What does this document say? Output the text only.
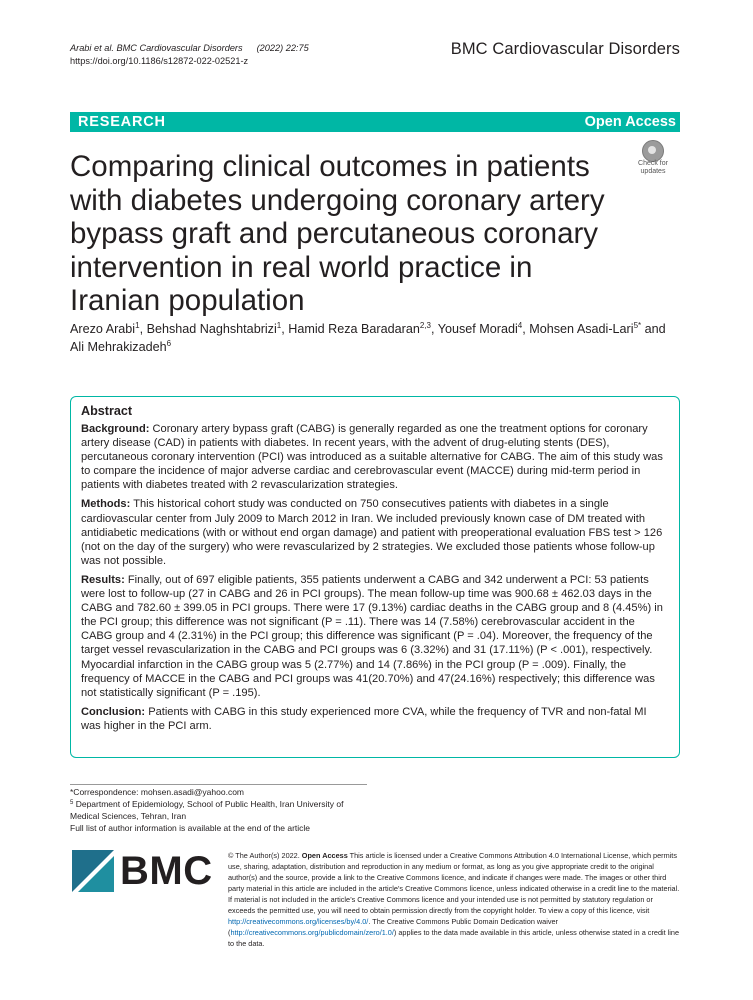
Arabi et al. BMC Cardiovascular Disorders (2022) 22:75
https://doi.org/10.1186/s12872-022-02521-z
BMC Cardiovascular Disorders
RESEARCH	Open Access
Check for
updates
Comparing clinical outcomes in patients with diabetes undergoing coronary artery bypass graft and percutaneous coronary intervention in real world practice in Iranian population
Arezo Arabi$^1$, Behshad Naghshtabrizi$^1$, Hamid Reza Baradaran$^{2,3}$, Yousef Moradi$^4$, Mohsen Asadi-Lari$^{5*}$ and
Ali Mehrakizadeh$^6$
Abstract

Background: Coronary artery bypass graft (CABG) is generally regarded as one the treatment options for coronary artery disease (CAD) in patients with diabetes. In recent years, with the advent of drug-eluting stents (DES), percutaneous coronary intervention (PCI) was introduced as a suitable alternative for CABG. The aim of this study was to compare the incidence of major adverse cardiac and cerebrovascular event (MACCE) during mid-term period in patients with diabetes treated with 2 revascularization strategies.

Methods: This historical cohort study was conducted on 750 consecutives patients with diabetes in a single cardiovascular center from July 2009 to March 2012 in Iran. We included previously known case of DM treated with antidiabetic medications (with or without end organ damage) and patient with preoperational evaluation FBS test > 126 (not on the day of the surgery) who were revascularized by 2 strategies. We excluded those patients whose follow-up was not possible.

Results: Finally, out of 697 eligible patients, 355 patients underwent a CABG and 342 underwent a PCI: 53 patients were lost to follow-up (27 in CABG and 26 in PCI groups). The mean follow-up time was 900.68 ± 462.03 days in the CABG and 782.60 ± 399.05 in PCI groups. There were 17 (9.13%) cardiac deaths in the CABG group and 8 (4.45%) in the PCI group; this difference was not significant (P = .11). There was 14 (7.58%) cerebrovascular accident in the CABG group and 4 (2.31%) in the PCI group; this difference was significant (P = .04). Moreover, the frequency of the target vessel revascularization in the CABG and PCI groups was 6 (3.32%) and 31 (17.11%) (P < .001), respectively. Myocardial infarction in the CABG group was 5 (2.77%) and 14 (7.86%) in the PCI group (P = .009). Finally, the frequency of MACCE in the CABG and PCI groups was 41(20.70%) and 47(24.16%) respectively; this difference was not statistically significant (P = .195).

Conclusion: Patients with CABG in this study experienced more CVA, while the frequency of TVR and non-fatal MI was higher in the PCI arm.

*Correspondence: mohsen.asadi@yahoo.com

$^5$ Department of Epidemiology, School of Public Health, Iran University of Medical Sciences, Tehran, Iran

Full list of author information is available at the end of the article

BMC © The Author(s) 2022. Open Access This article is licensed under a Creative Commons Attribution 4.0 International License, which permits use, sharing, adaptation, distribution and reproduction in any medium or format, as long as you give appropriate credit to the original author(s) and the source, provide a link to the Creative Commons licence, and indicate if changes were made. The images or other third party material in this article are included in the article’s Creative Commons licence, unless indicated otherwise in a credit line to the material. If material is not included in the article’s Creative Commons licence and your intended use is not permitted by statutory regulation or exceeds the permitted use, you will need to obtain permission directly from the copyright holder. To view a copy of this licence, visit http://creativecommons.org/licenses/by/4.0/. The Creative Commons Public Domain Dedication waiver (http://creativecommons.org/publicdomain/zero/1.0/) applies to the data made available in this article, unless otherwise stated in a credit line to the data.
